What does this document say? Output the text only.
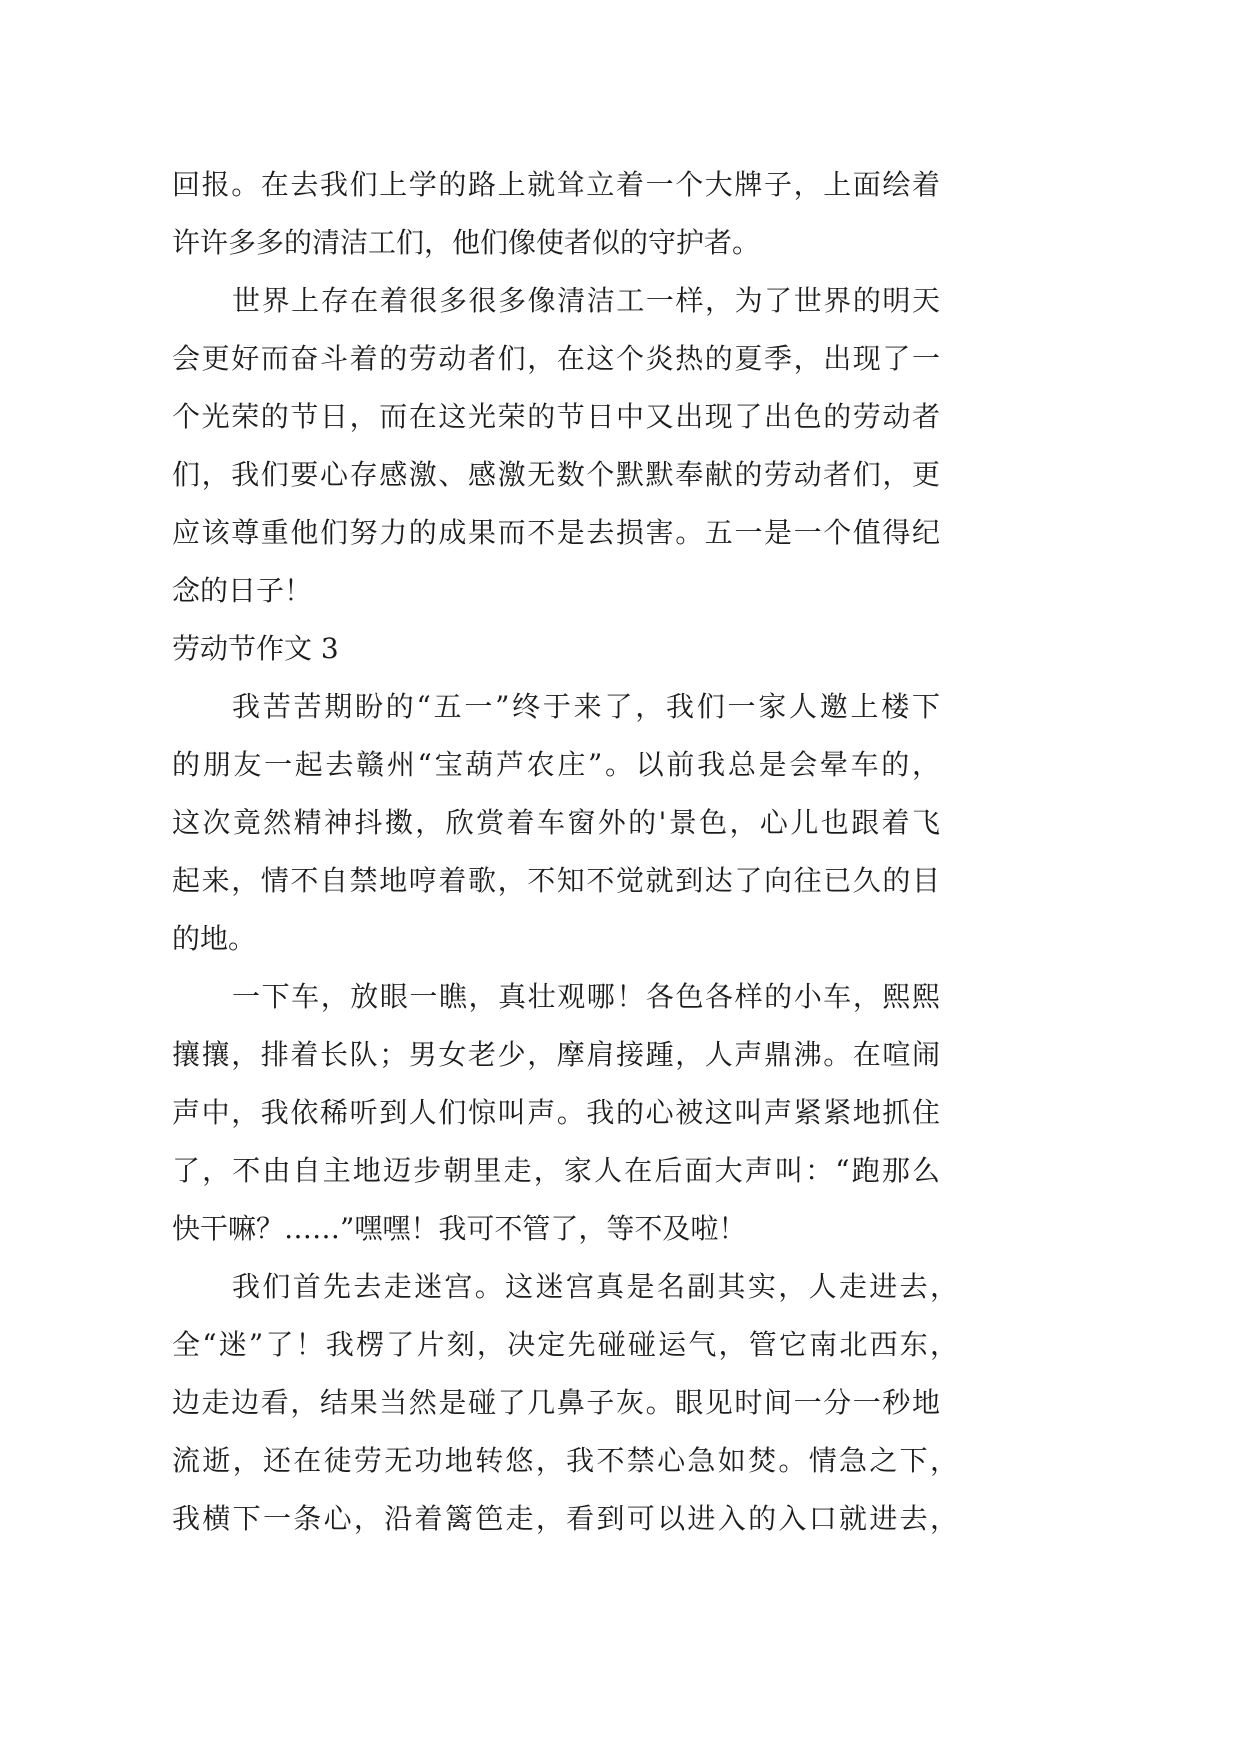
回报。在去我们上学的路上就耸立着一个大牌子，上面绘着
许许多多的清洁工们，他们像使者似的守护者。
世界上存在着很多很多像清洁工一样，为了世界的明天
会更好而奋斗着的劳动者们，在这个炎热的夏季，出现了一
个光荣的节日，而在这光荣的节日中又出现了出色的劳动者
们，我们要心存感激、感激无数个默默奉献的劳动者们，更
应该尊重他们努力的成果而不是去损害。五一是一个值得纪
念的日子！
劳动节作文 3
我苦苦期盼的“五一”终于来了，我们一家人邀上楼下
的朋友一起去赣州“宝葫芦农庄”。以前我总是会晕车的，
这次竟然精神抖擞，欣赏着车窗外的'景色，心儿也跟着飞
起来，情不自禁地哼着歌，不知不觉就到达了向往已久的目
的地。
一下车，放眼一瞧，真壮观哪！各色各样的小车，熙熙
攘攘，排着长队；男女老少，摩肩接踵，人声鼎沸。在喧闹
声中，我依稀听到人们惊叫声。我的心被这叫声紧紧地抓住
了，不由自主地迈步朝里走，家人在后面大声叫：“跑那么
快干嘛？……”嘿嘿！我可不管了，等不及啦！
我们首先去走迷宫。这迷宫真是名副其实，人走进去，
全“迷”了！我楞了片刻，决定先碰碰运气，管它南北西东，
边走边看，结果当然是碰了几鼻子灰。眼见时间一分一秒地
流逝，还在徒劳无功地转悠，我不禁心急如焚。情急之下，
我横下一条心，沿着篱笆走，看到可以进入的入口就进去，
